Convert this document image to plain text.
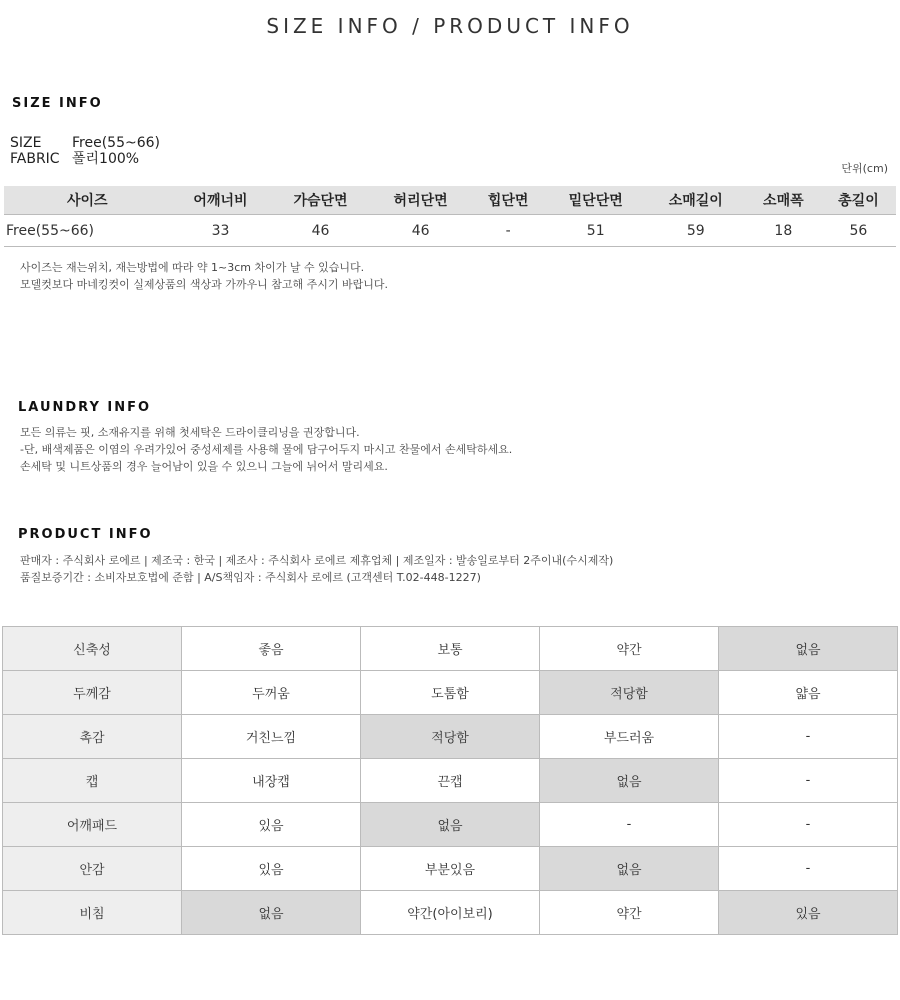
SIZE INFO / PRODUCT INFO
SIZE INFO
SIZE Free(55~66)
FABRIC 폴리100%
단위(cm)
사이즈	어깨너비	가슴단면	허리단면	힙단면	밑단단면	소매길이	소매폭	총길이
Free(55~66)	33	46	46	-	51	59	18	56
사이즈는 재는위치, 재는방법에 따라 약 1~3cm 차이가 날 수 있습니다.
모델컷보다 마네킹컷이 실제상품의 색상과 가까우니 참고해 주시기 바랍니다.
LAUNDRY INFO
모든 의류는 핏, 소재유지를 위해 첫세탁은 드라이클리닝을 권장합니다.
-단, 배색제품은 이염의 우려가있어 중성세제를 사용해 물에 담구어두지 마시고 찬물에서 손세탁하세요.
손세탁 및 니트상품의 경우 늘어남이 있을 수 있으니 그늘에 뉘어서 말리세요.
PRODUCT INFO
판매자 : 주식회사 로에르 | 제조국 : 한국 | 제조사 : 주식회사 로에르 제휴업체 | 제조일자 : 발송일로부터 2주이내(수시제작)
품질보증기간 : 소비자보호법에 준함 | A/S책임자 : 주식회사 로에르 (고객센터 T.02-448-1227)
신축성	좋음	보통	약간	없음
두께감	두꺼움	도톰함	적당함	얇음
촉감	거친느낌	적당함	부드러움	-
캡	내장캡	끈캡	없음	-
어깨패드	있음	없음	-	-
안감	있음	부분있음	없음	-
비침	없음	약간(아이보리)	약간	있음
